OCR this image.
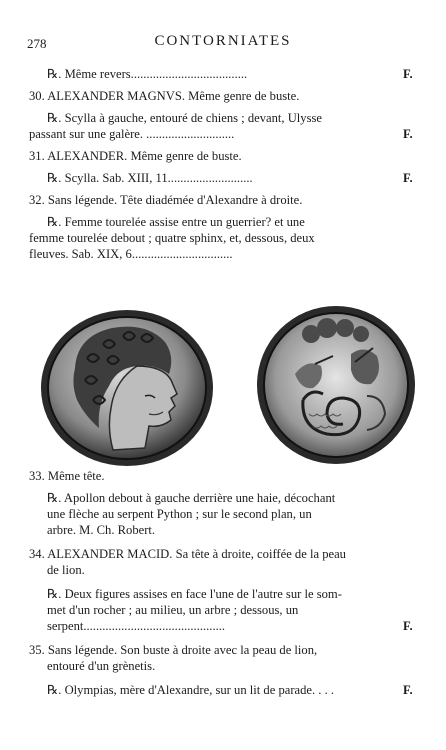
278	CONTORNIATES
℞. Même revers.....................................	F.
30. ALEXANDER MAGNVS. Même genre de buste.
℞. Scylla à gauche, entouré de chiens ; devant, Ulysse
passant sur une galère. ............................	F.
31. ALEXANDER. Même genre de buste.
℞. Scylla. Sab. XIII, 11...........................	F.
32. Sans légende. Tête diadémée d'Alexandre à droite.
℞. Femme tourelée assise entre un guerrier? et une
femme tourelée debout ; quatre sphinx, et, dessous, deux
fleuves. Sab. XIX, 6................................
33. Même tête.
℞. Apollon debout à gauche derrière une haie, décochant
une flèche au serpent Python ; sur le second plan, un
arbre. M. Ch. Robert.
34. ALEXANDER MACID. Sa tête à droite, coiffée de la peau
de lion.
℞. Deux figures assises en face l'une de l'autre sur le som-
met d'un rocher ; au milieu, un arbre ; dessous, un
serpent.............................................	F.
35. Sans légende. Son buste à droite avec la peau de lion,
entouré d'un grènetis.
℞. Olympias, mère d'Alexandre, sur un lit de parade. . . .	F.
